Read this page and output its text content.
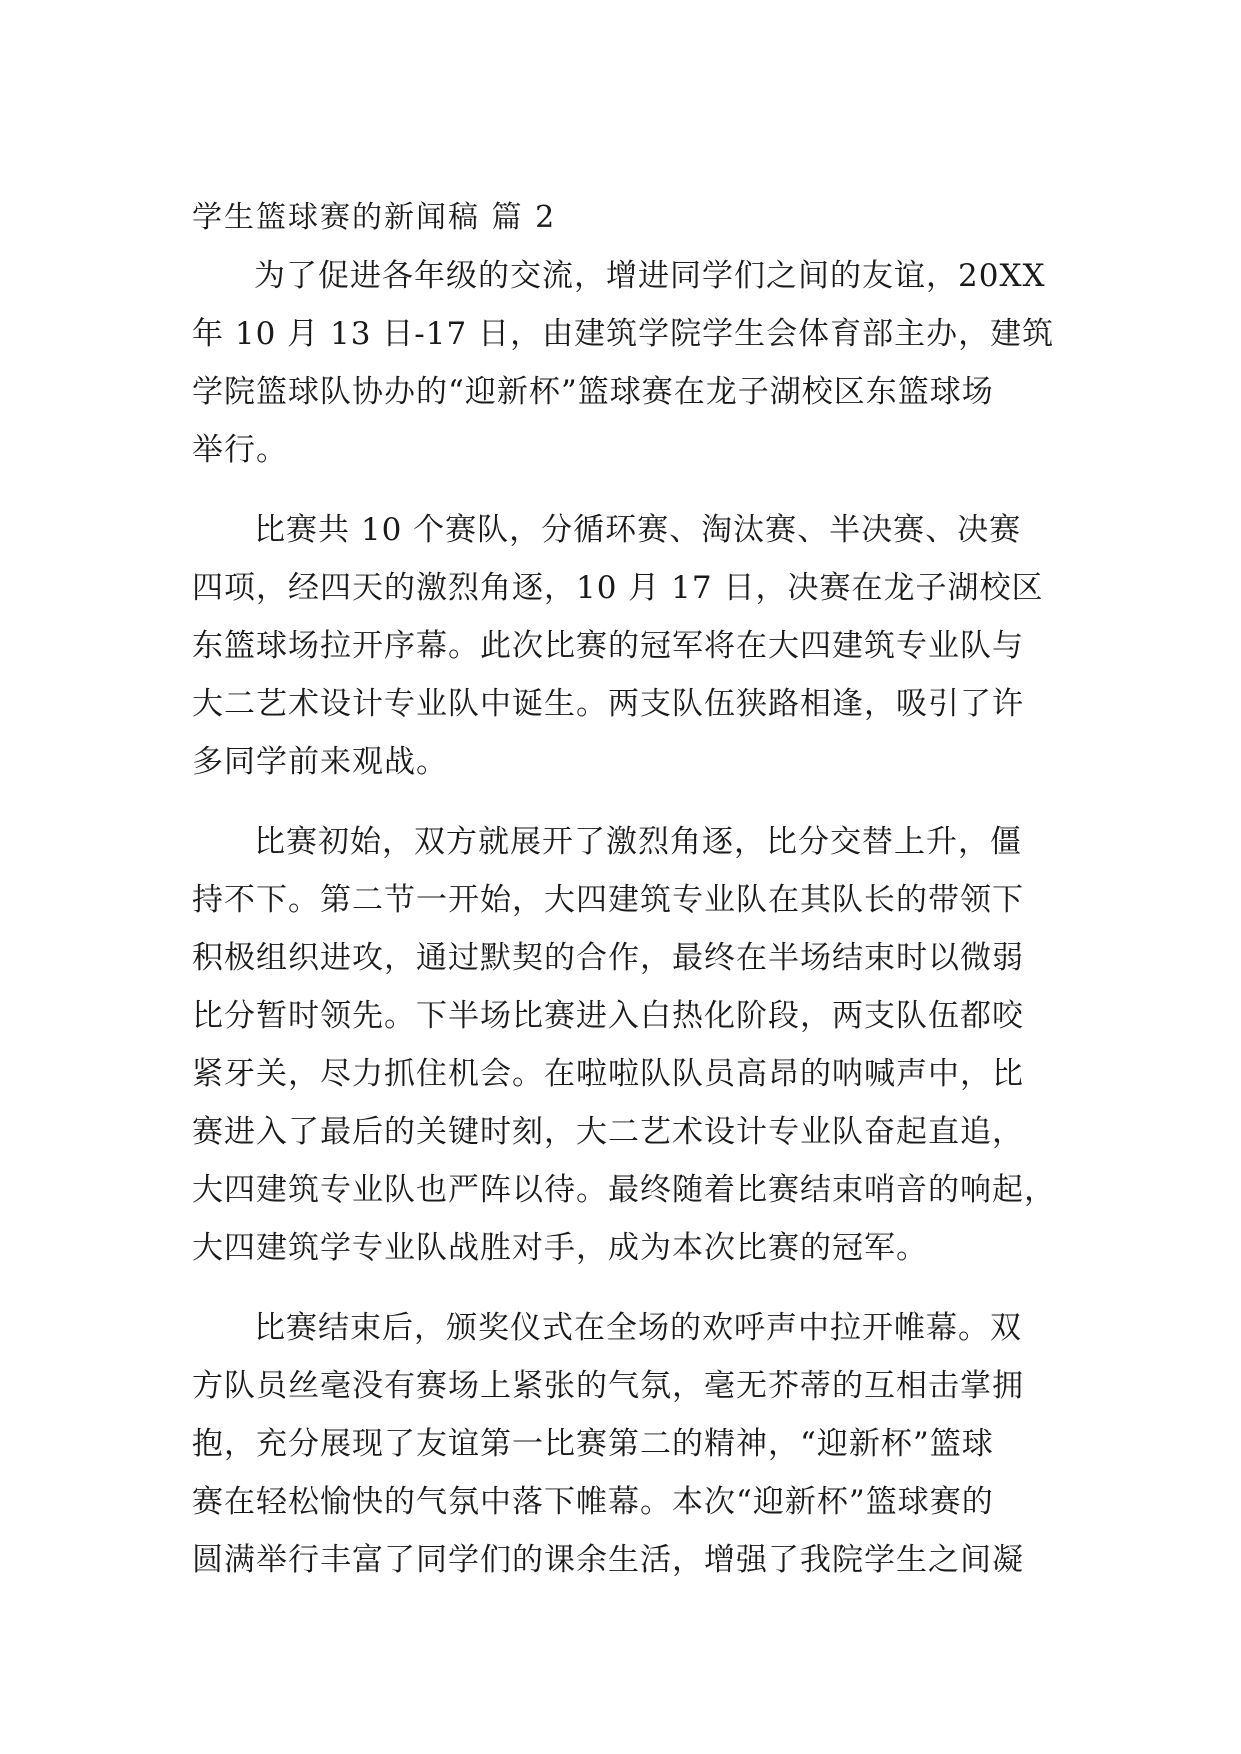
学生篮球赛的新闻稿 篇 2
为了促进各年级的交流，增进同学们之间的友谊，20XX
年 10 月 13 日-17 日，由建筑学院学生会体育部主办，建筑
学院篮球队协办的“迎新杯”篮球赛在龙子湖校区东篮球场
举行。
比赛共 10 个赛队，分循环赛、淘汰赛、半决赛、决赛
四项，经四天的激烈角逐，10 月 17 日，决赛在龙子湖校区
东篮球场拉开序幕。此次比赛的冠军将在大四建筑专业队与
大二艺术设计专业队中诞生。两支队伍狭路相逢，吸引了许
多同学前来观战。
比赛初始，双方就展开了激烈角逐，比分交替上升，僵
持不下。第二节一开始，大四建筑专业队在其队长的带领下
积极组织进攻，通过默契的合作，最终在半场结束时以微弱
比分暂时领先。下半场比赛进入白热化阶段，两支队伍都咬
紧牙关，尽力抓住机会。在啦啦队队员高昂的呐喊声中，比
赛进入了最后的关键时刻，大二艺术设计专业队奋起直追，
大四建筑专业队也严阵以待。最终随着比赛结束哨音的响起，
大四建筑学专业队战胜对手，成为本次比赛的冠军。
比赛结束后，颁奖仪式在全场的欢呼声中拉开帷幕。双
方队员丝毫没有赛场上紧张的气氛，毫无芥蒂的互相击掌拥
抱，充分展现了友谊第一比赛第二的精神，“迎新杯”篮球
赛在轻松愉快的气氛中落下帷幕。本次“迎新杯”篮球赛的
圆满举行丰富了同学们的课余生活，增强了我院学生之间凝
